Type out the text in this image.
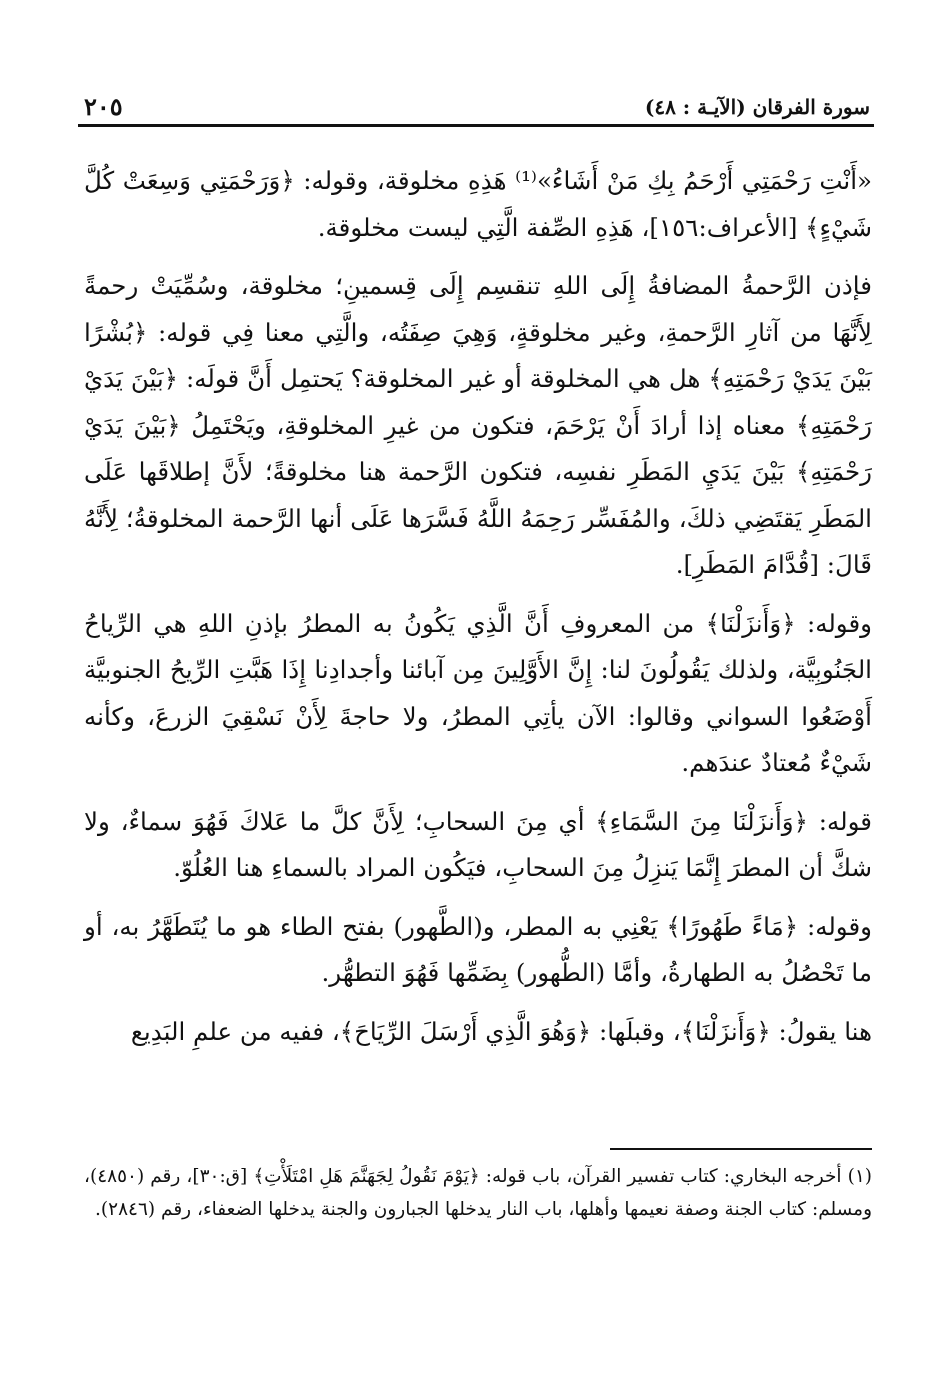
٢٠٥	سورة الفرقان (الآيـة : ٤٨)

«أَنْتِ رَحْمَتِي أَرْحَمُ بِكِ مَنْ أَشَاءُ»⁽¹⁾ هَذِهِ مخلوقة، وقوله: ﴿وَرَحْمَتِي وَسِعَتْ كُلَّ شَيْءٍ﴾ [الأعراف:١٥٦]، هَذِهِ الصِّفة الَّتِي ليست مخلوقة.

فإذن الرَّحمةُ المضافةُ إِلَى اللهِ تنقسِم إِلَى قِسمينِ؛ مخلوقة، وسُمِّيَتْ رحمةً لِأَنَّهَا من آثارِ الرَّحمةِ، وغير مخلوقةٍ، وَهِيَ صِفَتُه، والَّتِي معنا فِي قوله: ﴿بُشْرًا بَيْنَ يَدَيْ رَحْمَتِهِ﴾ هل هي المخلوقة أو غير المخلوقة؟ يَحتمِل أَنَّ قولَه: ﴿بَيْنَ يَدَيْ رَحْمَتِهِ﴾ معناه إذا أرادَ أَنْ يَرْحَمَ، فتكون من غيرِ المخلوقةِ، ويَحْتَمِلُ ﴿بَيْنَ يَدَيْ رَحْمَتِهِ﴾ بَيْنَ يَدَيِ المَطَرِ نفسِه، فتكون الرَّحمة هنا مخلوقةً؛ لأَنَّ إطلاقَها عَلَى المَطَرِ يَقتَضِي ذلكَ، والمُفَسِّر رَحِمَهُ اللَّهُ فَسَّرَها عَلَى أنها الرَّحمة المخلوقةُ؛ لِأَنَّهُ قَالَ: [قُدَّامَ المَطَرِ].

وقوله: ﴿وَأَنزَلْنَا﴾ من المعروفِ أَنَّ الَّذِي يَكُونُ به المطرُ بإذنِ اللهِ هي الرِّياحُ الجَنُوبِيَّة، ولذلك يَقُولُونَ لنا: إِنَّ الأَوَّلِينَ مِن آبائنا وأجدادِنا إِذَا هَبَّتِ الرِّيحُ الجنوبيَّة أَوْضَعُوا السواني وقالوا: الآن يأتِي المطرُ، ولا حاجةَ لِأَنْ نَسْقِيَ الزرعَ، وكأنه شَيْءٌ مُعتادٌ عندَهم.

قوله: ﴿وَأَنزَلْنَا مِنَ السَّمَاءِ﴾ أي مِنَ السحابِ؛ لِأَنَّ كلَّ ما عَلاكَ فَهُوَ سماءٌ، ولا شكَّ أن المطرَ إِنَّمَا يَنزِلُ مِنَ السحابِ، فيَكُون المراد بالسماءِ هنا العُلُوّ.

وقوله: ﴿مَاءً طَهُورًا﴾ يَعْنِي به المطر، و(الطَّهور) بفتح الطاء هو ما يُتَطَهَّرُ به، أو ما تَحْصُلُ به الطهارةُ، وأمَّا (الطُّهور) بِضَمِّها فَهُوَ التطهُّر.

هنا يقولُ: ﴿وَأَنزَلْنَا﴾، وقبلَها: ﴿وَهُوَ الَّذِي أَرْسَلَ الرِّيَاحَ﴾، ففيه من علمِ البَدِيع

(١) أخرجه البخاري: كتاب تفسير القرآن، باب قوله: ﴿يَوْمَ نَقُولُ لِجَهَنَّمَ هَلِ امْتَلَأْتِ﴾ [ق:٣٠]، رقم (٤٨٥٠)، ومسلم: كتاب الجنة وصفة نعيمها وأهلها، باب النار يدخلها الجبارون والجنة يدخلها الضعفاء، رقم (٢٨٤٦).
